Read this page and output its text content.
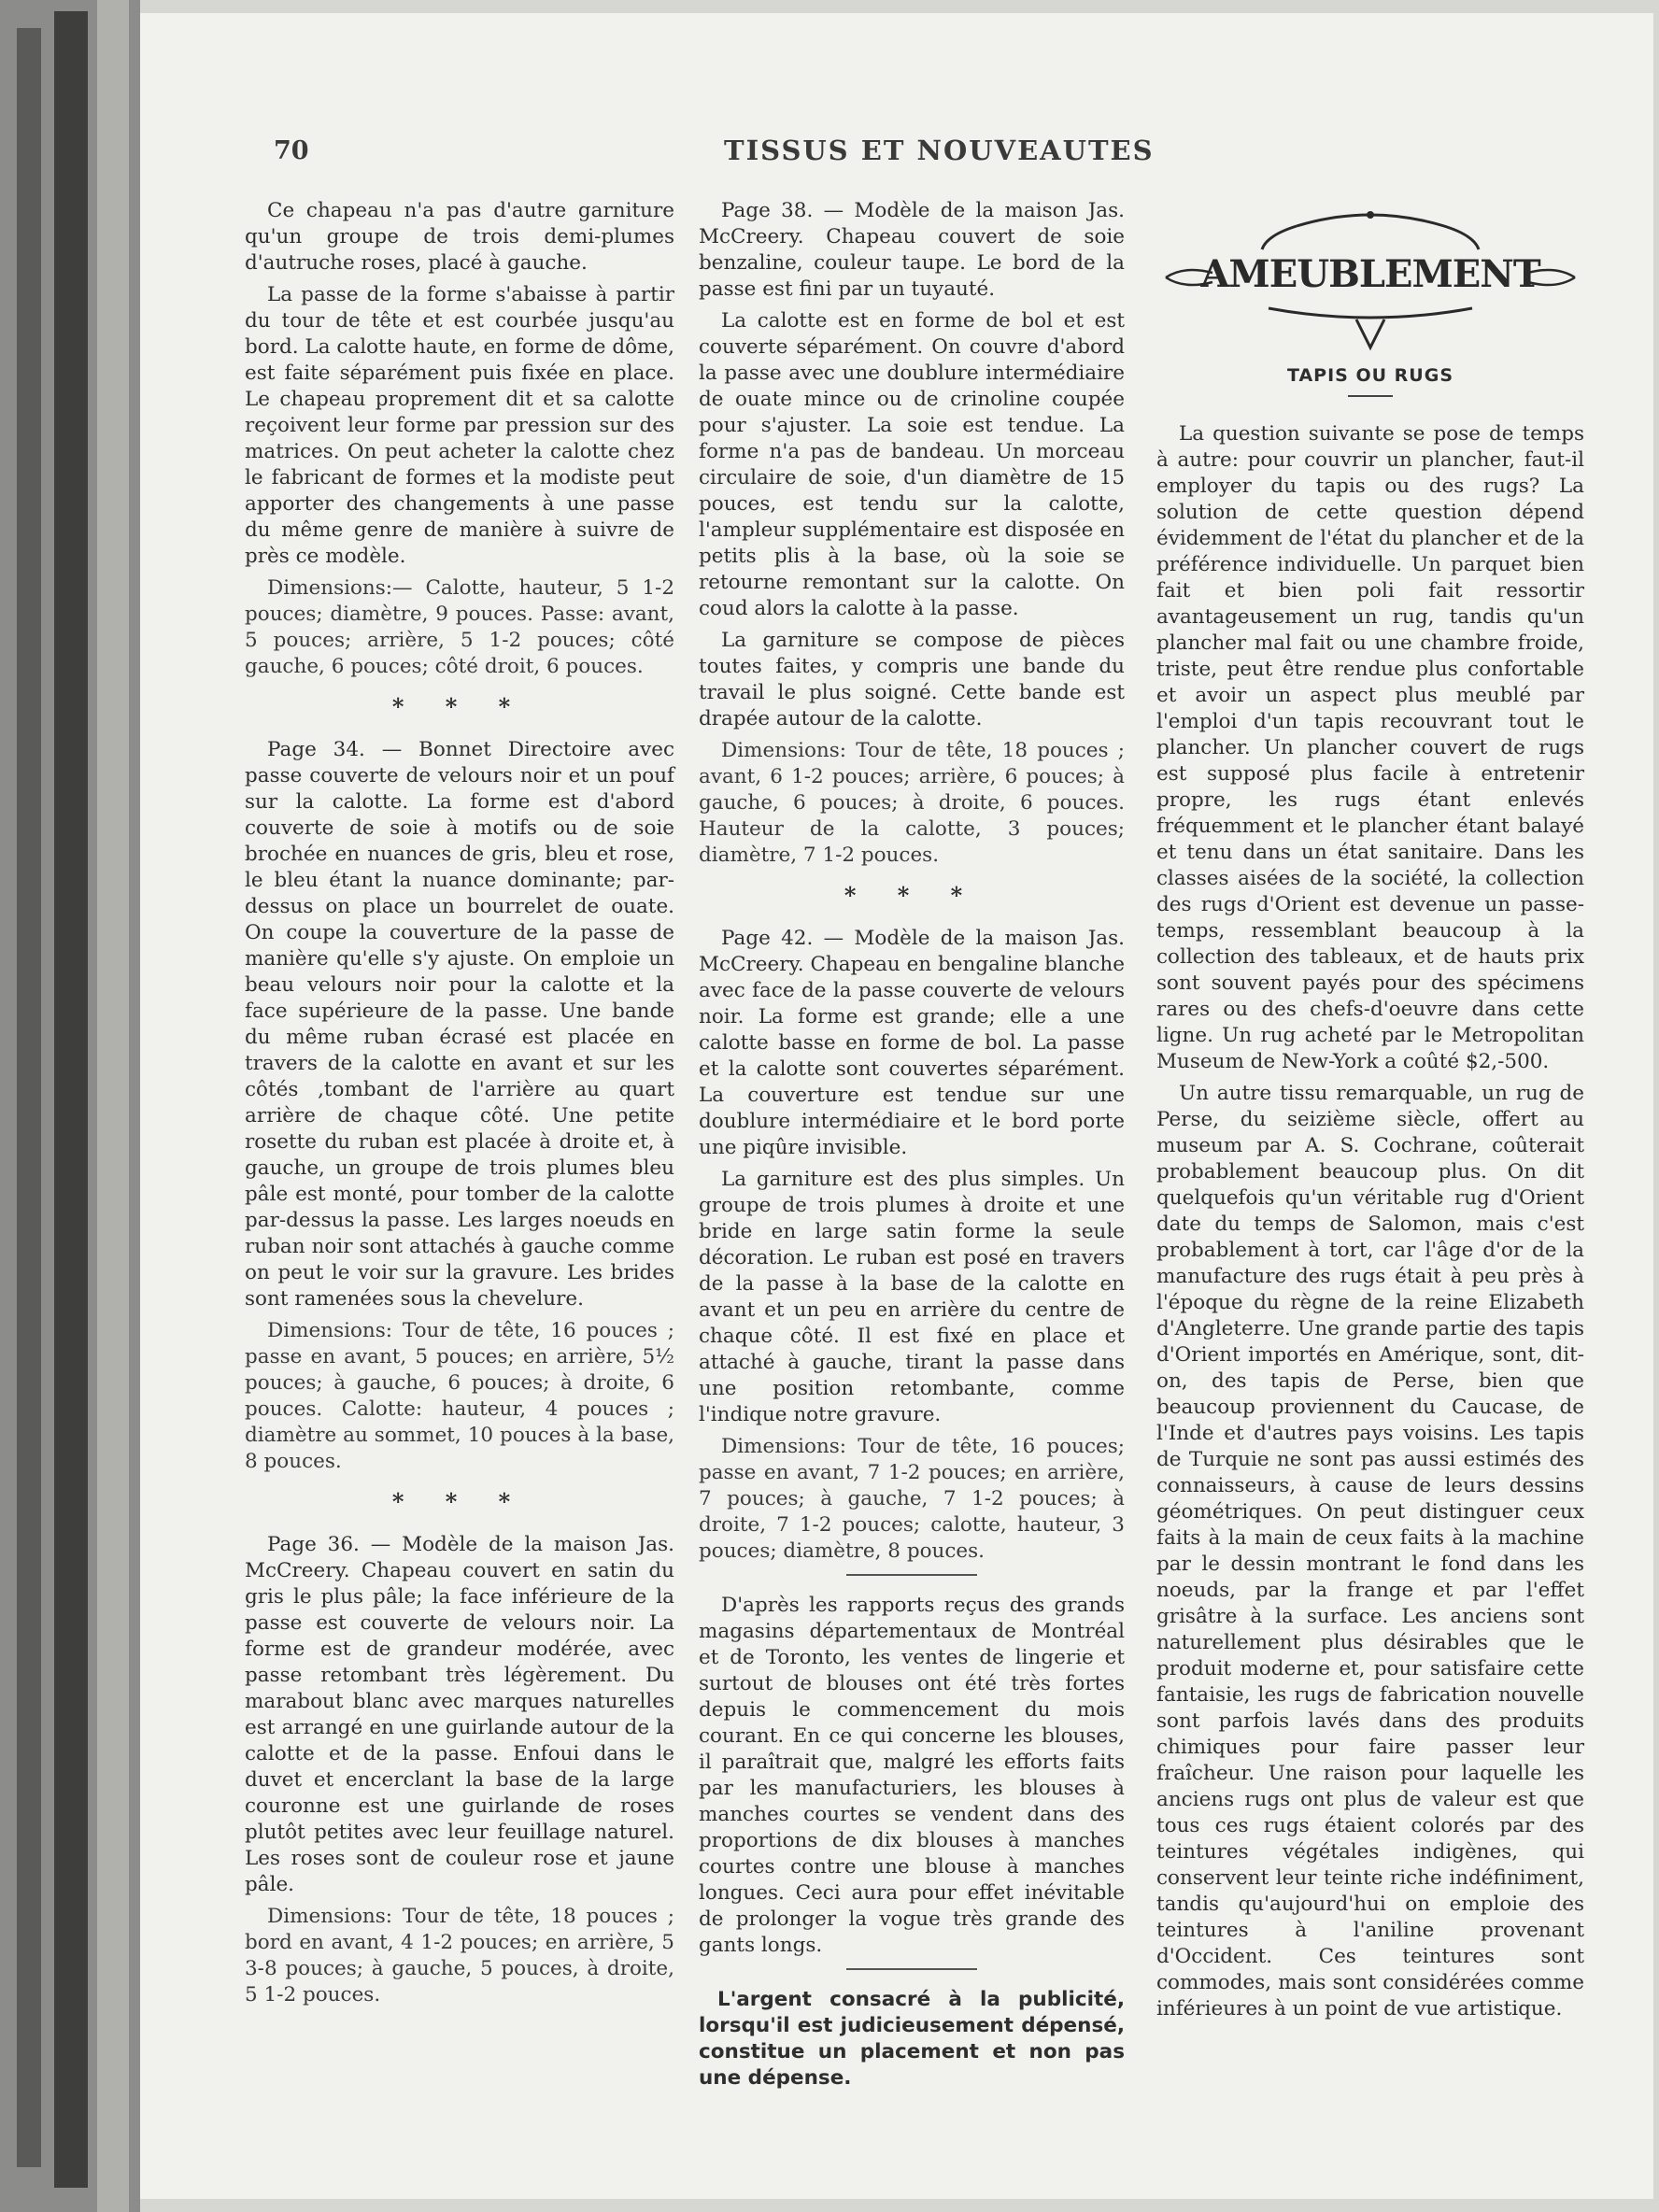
70	TISSUS ET NOUVEAUTES

Ce chapeau n'a pas d'autre garniture qu'un groupe de trois demi-plumes d'autruche roses, placé à gauche.

La passe de la forme s'abaisse à partir du tour de tête et est courbée jusqu'au bord. La calotte haute, en forme de dôme, est faite séparément puis fixée en place. Le chapeau proprement dit et sa calotte reçoivent leur forme par pression sur des matrices. On peut acheter la calotte chez le fabricant de formes et la modiste peut apporter des changements à une passe du même genre de manière à suivre de près ce modèle.

Dimensions:— Calotte, hauteur, 5 1-2 pouces; diamètre, 9 pouces. Passe: avant, 5 pouces; arrière, 5 1-2 pouces; côté gauche, 6 pouces; côté droit, 6 pouces.

* * *

Page 34. — Bonnet Directoire avec passe couverte de velours noir et un pouf sur la calotte. La forme est d'abord couverte de soie à motifs ou de soie brochée en nuances de gris, bleu et rose, le bleu étant la nuance dominante; par-dessus on place un bourrelet de ouate. On coupe la couverture de la passe de manière qu'elle s'y ajuste. On emploie un beau velours noir pour la calotte et la face supérieure de la passe. Une bande du même ruban écrasé est placée en travers de la calotte en avant et sur les côtés ,tombant de l'arrière au quart arrière de chaque côté. Une petite rosette du ruban est placée à droite et, à gauche, un groupe de trois plumes bleu pâle est monté, pour tomber de la calotte par-dessus la passe. Les larges noeuds en ruban noir sont attachés à gauche comme on peut le voir sur la gravure. Les brides sont ramenées sous la chevelure.

Dimensions: Tour de tête, 16 pouces ; passe en avant, 5 pouces; en arrière, 5½ pouces; à gauche, 6 pouces; à droite, 6 pouces. Calotte: hauteur, 4 pouces ; diamètre au sommet, 10 pouces à la base, 8 pouces.

* * *

Page 36. — Modèle de la maison Jas. McCreery. Chapeau couvert en satin du gris le plus pâle; la face inférieure de la passe est couverte de velours noir. La forme est de grandeur modérée, avec passe retombant très légèrement. Du marabout blanc avec marques naturelles est arrangé en une guirlande autour de la calotte et de la passe. Enfoui dans le duvet et encerclant la base de la large couronne est une guirlande de roses plutôt petites avec leur feuillage naturel. Les roses sont de couleur rose et jaune pâle.

Dimensions: Tour de tête, 18 pouces ; bord en avant, 4 1-2 pouces; en arrière, 5 3-8 pouces; à gauche, 5 pouces, à droite, 5 1-2 pouces.

Page 38. — Modèle de la maison Jas. McCreery. Chapeau couvert de soie benzaline, couleur taupe. Le bord de la passe est fini par un tuyauté.

La calotte est en forme de bol et est couverte séparément. On couvre d'abord la passe avec une doublure intermédiaire de ouate mince ou de crinoline coupée pour s'ajuster. La soie est tendue. La forme n'a pas de bandeau. Un morceau circulaire de soie, d'un diamètre de 15 pouces, est tendu sur la calotte, l'ampleur supplémentaire est disposée en petits plis à la base, où la soie se retourne remontant sur la calotte. On coud alors la calotte à la passe.

La garniture se compose de pièces toutes faites, y compris une bande du travail le plus soigné. Cette bande est drapée autour de la calotte.

Dimensions: Tour de tête, 18 pouces ; avant, 6 1-2 pouces; arrière, 6 pouces; à gauche, 6 pouces; à droite, 6 pouces. Hauteur de la calotte, 3 pouces; diamètre, 7 1-2 pouces.

* * *

Page 42. — Modèle de la maison Jas. McCreery. Chapeau en bengaline blanche avec face de la passe couverte de velours noir. La forme est grande; elle a une calotte basse en forme de bol. La passe et la calotte sont couvertes séparément. La couverture est tendue sur une doublure intermédiaire et le bord porte une piqûre invisible.

La garniture est des plus simples. Un groupe de trois plumes à droite et une bride en large satin forme la seule décoration. Le ruban est posé en travers de la passe à la base de la calotte en avant et un peu en arrière du centre de chaque côté. Il est fixé en place et attaché à gauche, tirant la passe dans une position retombante, comme l'indique notre gravure.

Dimensions: Tour de tête, 16 pouces; passe en avant, 7 1-2 pouces; en arrière, 7 pouces; à gauche, 7 1-2 pouces; à droite, 7 1-2 pouces; calotte, hauteur, 3 pouces; diamètre, 8 pouces.

D'après les rapports reçus des grands magasins départementaux de Montréal et de Toronto, les ventes de lingerie et surtout de blouses ont été très fortes depuis le commencement du mois courant. En ce qui concerne les blouses, il paraîtrait que, malgré les efforts faits par les manufacturiers, les blouses à manches courtes se vendent dans des proportions de dix blouses à manches courtes contre une blouse à manches longues. Ceci aura pour effet inévitable de prolonger la vogue très grande des gants longs.

L'argent consacré à la publicité, lorsqu'il est judicieusement dépensé, constitue un placement et non pas une dépense.

AMEUBLEMENT
TAPIS OU RUGS

La question suivante se pose de temps à autre: pour couvrir un plancher, faut-il employer du tapis ou des rugs? La solution de cette question dépend évidemment de l'état du plancher et de la préférence individuelle. Un parquet bien fait et bien poli fait ressortir avantageusement un rug, tandis qu'un plancher mal fait ou une chambre froide, triste, peut être rendue plus confortable et avoir un aspect plus meublé par l'emploi d'un tapis recouvrant tout le plancher. Un plancher couvert de rugs est supposé plus facile à entretenir propre, les rugs étant enlevés fréquemment et le plancher étant balayé et tenu dans un état sanitaire. Dans les classes aisées de la société, la collection des rugs d'Orient est devenue un passe-temps, ressemblant beaucoup à la collection des tableaux, et de hauts prix sont souvent payés pour des spécimens rares ou des chefs-d'oeuvre dans cette ligne. Un rug acheté par le Metropolitan Museum de New-York a coûté $2,-500.

Un autre tissu remarquable, un rug de Perse, du seizième siècle, offert au museum par A. S. Cochrane, coûterait probablement beaucoup plus. On dit quelquefois qu'un véritable rug d'Orient date du temps de Salomon, mais c'est probablement à tort, car l'âge d'or de la manufacture des rugs était à peu près à l'époque du règne de la reine Elizabeth d'Angleterre. Une grande partie des tapis d'Orient importés en Amérique, sont, dit-on, des tapis de Perse, bien que beaucoup proviennent du Caucase, de l'Inde et d'autres pays voisins. Les tapis de Turquie ne sont pas aussi estimés des connaisseurs, à cause de leurs dessins géométriques. On peut distinguer ceux faits à la main de ceux faits à la machine par le dessin montrant le fond dans les noeuds, par la frange et par l'effet grisâtre à la surface. Les anciens sont naturellement plus désirables que le produit moderne et, pour satisfaire cette fantaisie, les rugs de fabrication nouvelle sont parfois lavés dans des produits chimiques pour faire passer leur fraîcheur. Une raison pour laquelle les anciens rugs ont plus de valeur est que tous ces rugs étaient colorés par des teintures végétales indigènes, qui conservent leur teinte riche indéfiniment, tandis qu'aujourd'hui on emploie des teintures à l'aniline provenant d'Occident. Ces teintures sont commodes, mais sont considérées comme inférieures à un point de vue artistique.
